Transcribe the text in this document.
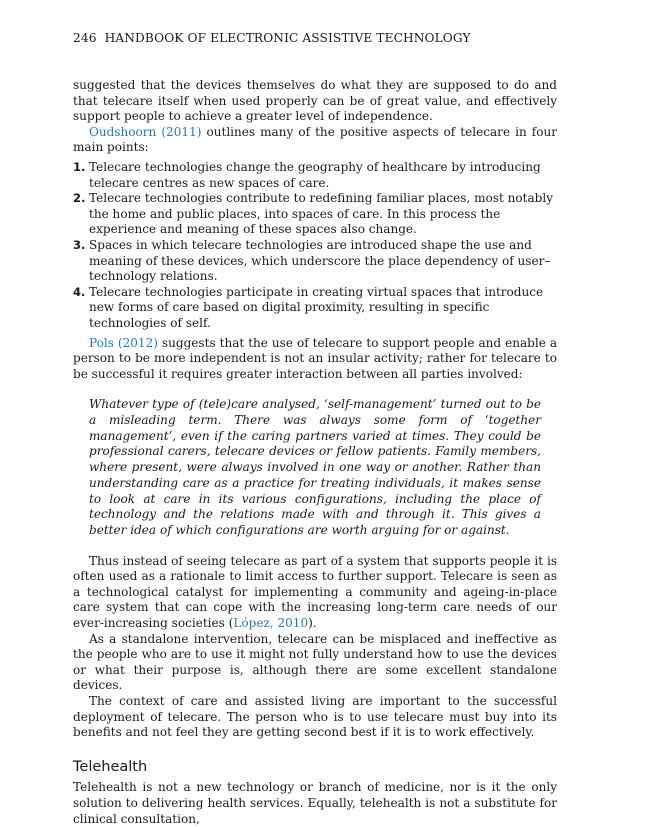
246 HANDBOOK OF ELECTRONIC ASSISTIVE TECHNOLOGY

suggested that the devices themselves do what they are supposed to do and that telecare itself when used properly can be of great value, and effectively support people to achieve a greater level of independence.

Oudshoorn (2011) outlines many of the positive aspects of telecare in four main points:

1. Telecare technologies change the geography of healthcare by introducing telecare centres as new spaces of care.
2. Telecare technologies contribute to redefining familiar places, most notably the home and public places, into spaces of care. In this process the experience and meaning of these spaces also change.
3. Spaces in which telecare technologies are introduced shape the use and meaning of these devices, which underscore the place dependency of user–technology relations.
4. Telecare technologies participate in creating virtual spaces that introduce new forms of care based on digital proximity, resulting in specific technologies of self.

Pols (2012) suggests that the use of telecare to support people and enable a person to be more independent is not an insular activity; rather for telecare to be successful it requires greater interaction between all parties involved:

Whatever type of (tele)care analysed, ‘self-management’ turned out to be a misleading term. There was always some form of ‘together management’, even if the caring partners varied at times. They could be professional carers, telecare devices or fellow patients. Family members, where present, were always involved in one way or another. Rather than understanding care as a practice for treating individuals, it makes sense to look at care in its various configurations, including the place of technology and the relations made with and through it. This gives a better idea of which configurations are worth arguing for or against.

Thus instead of seeing telecare as part of a system that supports people it is often used as a rationale to limit access to further support. Telecare is seen as a technological catalyst for implementing a community and ageing-in-place care system that can cope with the increasing long-term care needs of our ever-increasing societies (López, 2010).

As a standalone intervention, telecare can be misplaced and ineffective as the people who are to use it might not fully understand how to use the devices or what their purpose is, although there are some excellent standalone devices.

The context of care and assisted living are important to the successful deployment of telecare. The person who is to use telecare must buy into its benefits and not feel they are getting second best if it is to work effectively.

Telehealth

Telehealth is not a new technology or branch of medicine, nor is it the only solution to delivering health services. Equally, telehealth is not a substitute for clinical consultation,
